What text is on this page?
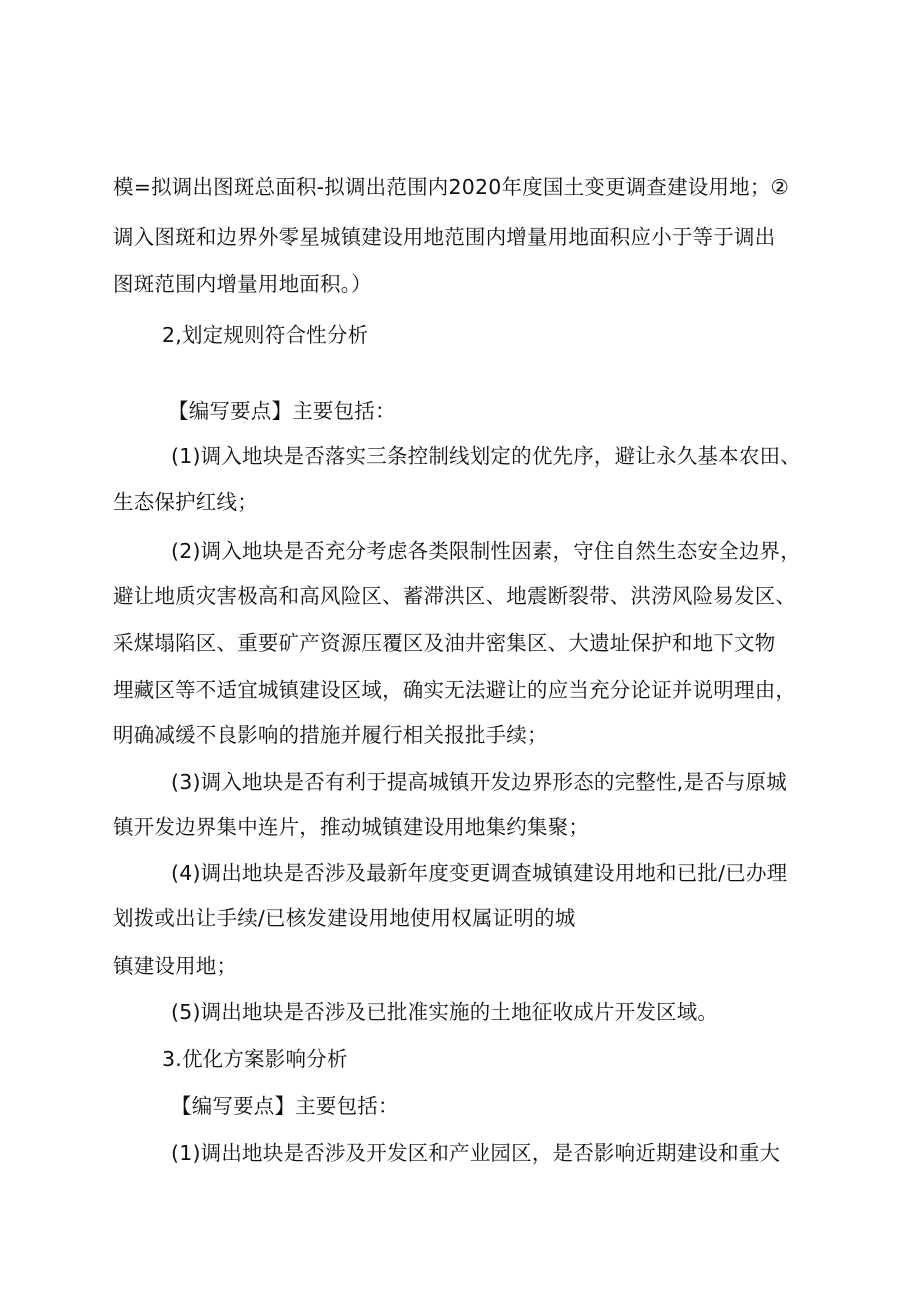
模=拟调出图斑总面积-拟调出范围内2020年度国土变更调查建设用地；②
调入图斑和边界外零星城镇建设用地范围内增量用地面积应小于等于调出
图斑范围内增量用地面积。）
2,划定规则符合性分析
【编写要点】主要包括：
(1)调入地块是否落实三条控制线划定的优先序，避让永久基本农田、
生态保护红线；
(2)调入地块是否充分考虑各类限制性因素，守住自然生态安全边界，
避让地质灾害极高和高风险区、蓄滞洪区、地震断裂带、洪涝风险易发区、
采煤塌陷区、重要矿产资源压覆区及油井密集区、大遗址保护和地下文物
埋藏区等不适宜城镇建设区域，确实无法避让的应当充分论证并说明理由，
明确减缓不良影响的措施并履行相关报批手续；
(3)调入地块是否有利于提高城镇开发边界形态的完整性,是否与原城
镇开发边界集中连片，推动城镇建设用地集约集聚；
(4)调出地块是否涉及最新年度变更调查城镇建设用地和已批/已办理
划拨或出让手续/已核发建设用地使用权属证明的城
镇建设用地；
(5)调出地块是否涉及已批准实施的土地征收成片开发区域。
3.优化方案影响分析
【编写要点】主要包括：
(1)调出地块是否涉及开发区和产业园区，是否影响近期建设和重大
